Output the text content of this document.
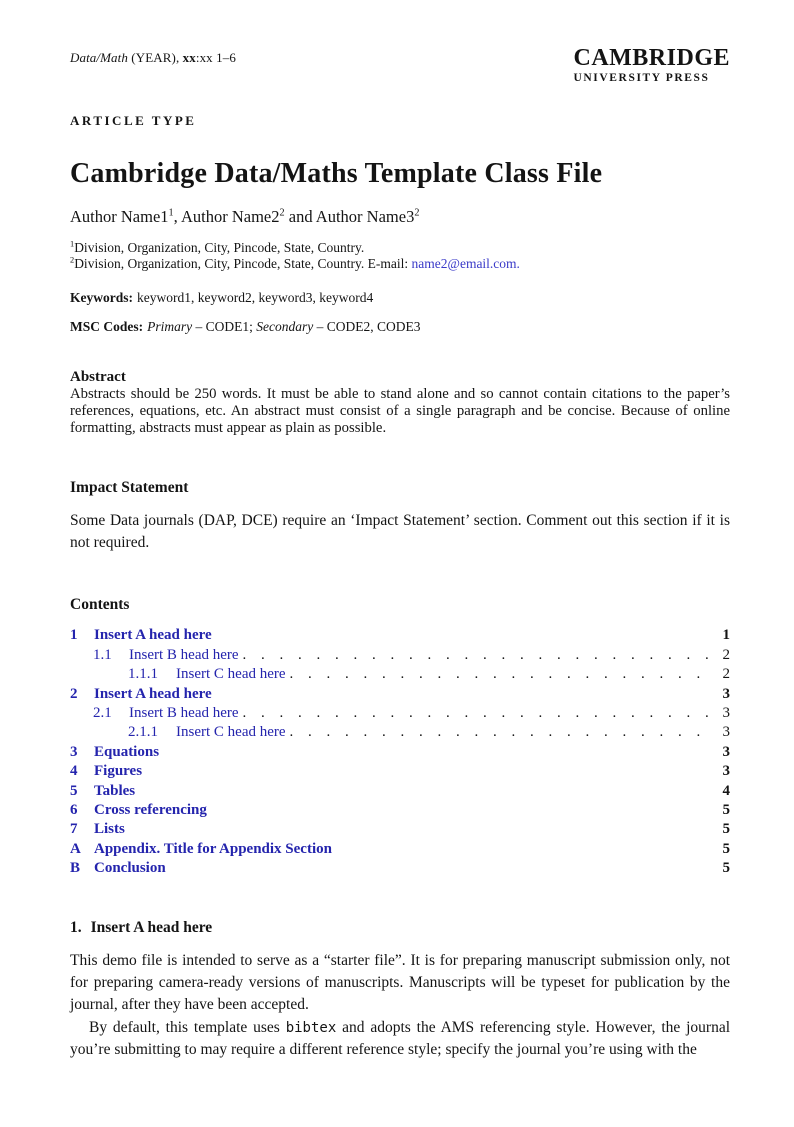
Data/Math (YEAR), xx:xx 1–6	CAMBRIDGE
UNIVERSITY PRESS
ARTICLE TYPE
Cambridge Data/Maths Template Class File
Author $Name1^1$, Author $Name2^2$ and Author $Name3^2$
$^1$Division, Organization, City, Pincode, State, Country.
$^2$Division, Organization, City, Pincode, State, Country. E-mail: name2@email.com.
Keywords: keyword1, keyword2, keyword3, keyword4
MSC Codes: Primary – CODE1; Secondary – CODE2, CODE3
Abstract

Abstracts should be 250 words. It must be able to stand alone and so cannot contain citations to the paper’s references, equations, etc. An abstract must consist of a single paragraph and be concise. Because of online formatting, abstracts must appear as plain as possible.

Impact Statement

Some Data journals (DAP, DCE) require an ‘Impact Statement’ section. Comment out this section if it is not required.

Contents
1	Insert A head here	1
1.1	Insert B head here . . .	2
1.1.1	Insert C head here . . .	2
2	Insert A head here	3
2.1	Insert B head here . . .	3
2.1.1	Insert C head here . . .	3
3	Equations	3
4	Figures	3
5	Tables	4
6	Cross referencing	5
7	Lists	5
A Appendix. Title for Appendix Section	5
B Conclusion	5
1. Insert A head here

This demo file is intended to serve as a “starter file”. It is for preparing manuscript submission only, not for preparing camera-ready versions of manuscripts. Manuscripts will be typeset for publication by the journal, after they have been accepted.

By default, this template uses bibtex and adopts the AMS referencing style. However, the journal you’re submitting to may require a different reference style; specify the journal you’re using with the
